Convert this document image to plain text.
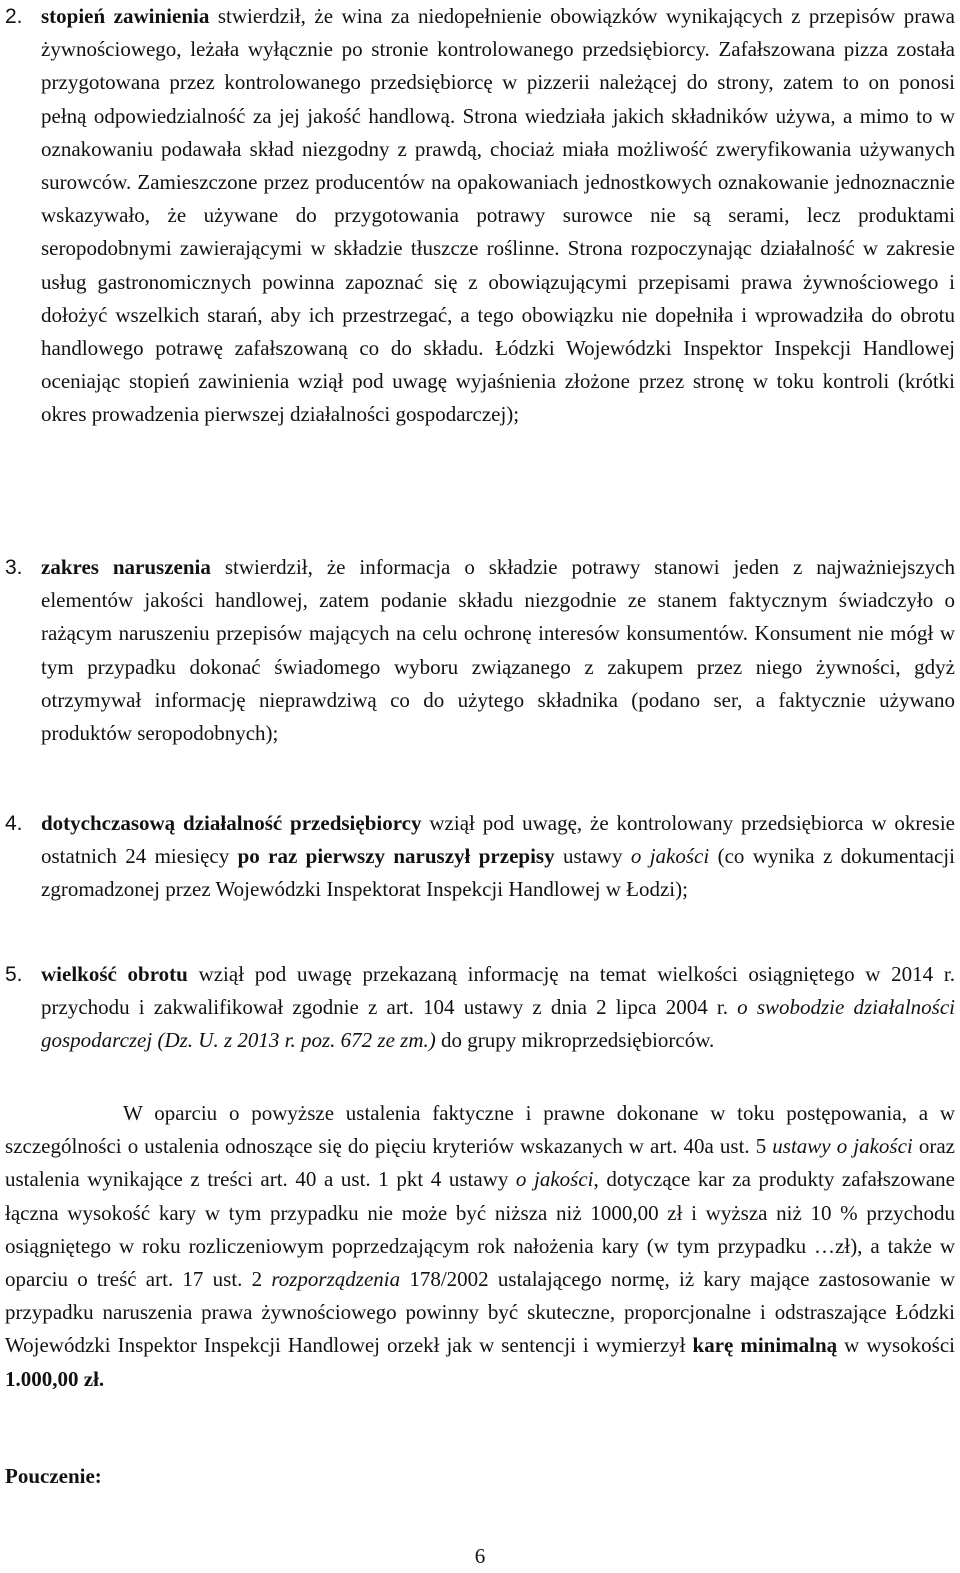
2. stopień zawinienia stwierdził, że wina za niedopełnienie obowiązków wynikających z przepisów prawa żywnościowego, leżała wyłącznie po stronie kontrolowanego przedsiębiorcy. Zafałszowana pizza została przygotowana przez kontrolowanego przedsiębiorcę w pizzerii należącej do strony, zatem to on ponosi pełną odpowiedzialność za jej jakość handlową. Strona wiedziała jakich składników używa, a mimo to w oznakowaniu podawała skład niezgodny z prawdą, chociaż miała możliwość zweryfikowania używanych surowców. Zamieszczone przez producentów na opakowaniach jednostkowych oznakowanie jednoznacznie wskazywało, że używane do przygotowania potrawy surowce nie są serami, lecz produktami seropodobnymi zawierającymi w składzie tłuszcze roślinne. Strona rozpoczynając działalność w zakresie usług gastronomicznych powinna zapoznać się z obowiązującymi przepisami prawa żywnościowego i dołożyć wszelkich starań, aby ich przestrzegać, a tego obowiązku nie dopełniła i wprowadziła do obrotu handlowego potrawę zafałszowaną co do składu. Łódzki Wojewódzki Inspektor Inspekcji Handlowej oceniając stopień zawinienia wziął pod uwagę wyjaśnienia złożone przez stronę w toku kontroli (krótki okres prowadzenia pierwszej działalności gospodarczej);
3. zakres naruszenia stwierdził, że informacja o składzie potrawy stanowi jeden z najważniejszych elementów jakości handlowej, zatem podanie składu niezgodnie ze stanem faktycznym świadczyło o rażącym naruszeniu przepisów mających na celu ochronę interesów konsumentów. Konsument nie mógł w tym przypadku dokonać świadomego wyboru związanego z zakupem przez niego żywności, gdyż otrzymywał informację nieprawdziwą co do użytego składnika (podano ser, a faktycznie używano produktów seropodobnych);
4. dotychczasową działalność przedsiębiorcy wziął pod uwagę, że kontrolowany przedsiębiorca w okresie ostatnich 24 miesięcy po raz pierwszy naruszył przepisy ustawy o jakości (co wynika z dokumentacji zgromadzonej przez Wojewódzki Inspektorat Inspekcji Handlowej w Łodzi);
5. wielkość obrotu wziął pod uwagę przekazaną informację na temat wielkości osiągniętego w 2014 r. przychodu i zakwalifikował zgodnie z art. 104 ustawy z dnia 2 lipca 2004 r. o swobodzie działalności gospodarczej (Dz. U. z 2013 r. poz. 672 ze zm.) do grupy mikroprzedsiębiorców.
W oparciu o powyższe ustalenia faktyczne i prawne dokonane w toku postępowania, a w szczególności o ustalenia odnoszące się do pięciu kryteriów wskazanych w art. 40a ust. 5 ustawy o jakości oraz ustalenia wynikające z treści art. 40 a ust. 1 pkt 4 ustawy o jakości, dotyczące kar za produkty zafałszowane łączna wysokość kary w tym przypadku nie może być niższa niż 1000,00 zł i wyższa niż 10 % przychodu osiągniętego w roku rozliczeniowym poprzedzającym rok nałożenia kary (w tym przypadku …zł), a także w oparciu o treść art. 17 ust. 2 rozporządzenia 178/2002 ustalającego normę, iż kary mające zastosowanie w przypadku naruszenia prawa żywnościowego powinny być skuteczne, proporcjonalne i odstraszające Łódzki Wojewódzki Inspektor Inspekcji Handlowej orzekł jak w sentencji i wymierzył karę minimalną w wysokości 1.000,00 zł.
Pouczenie:
6
